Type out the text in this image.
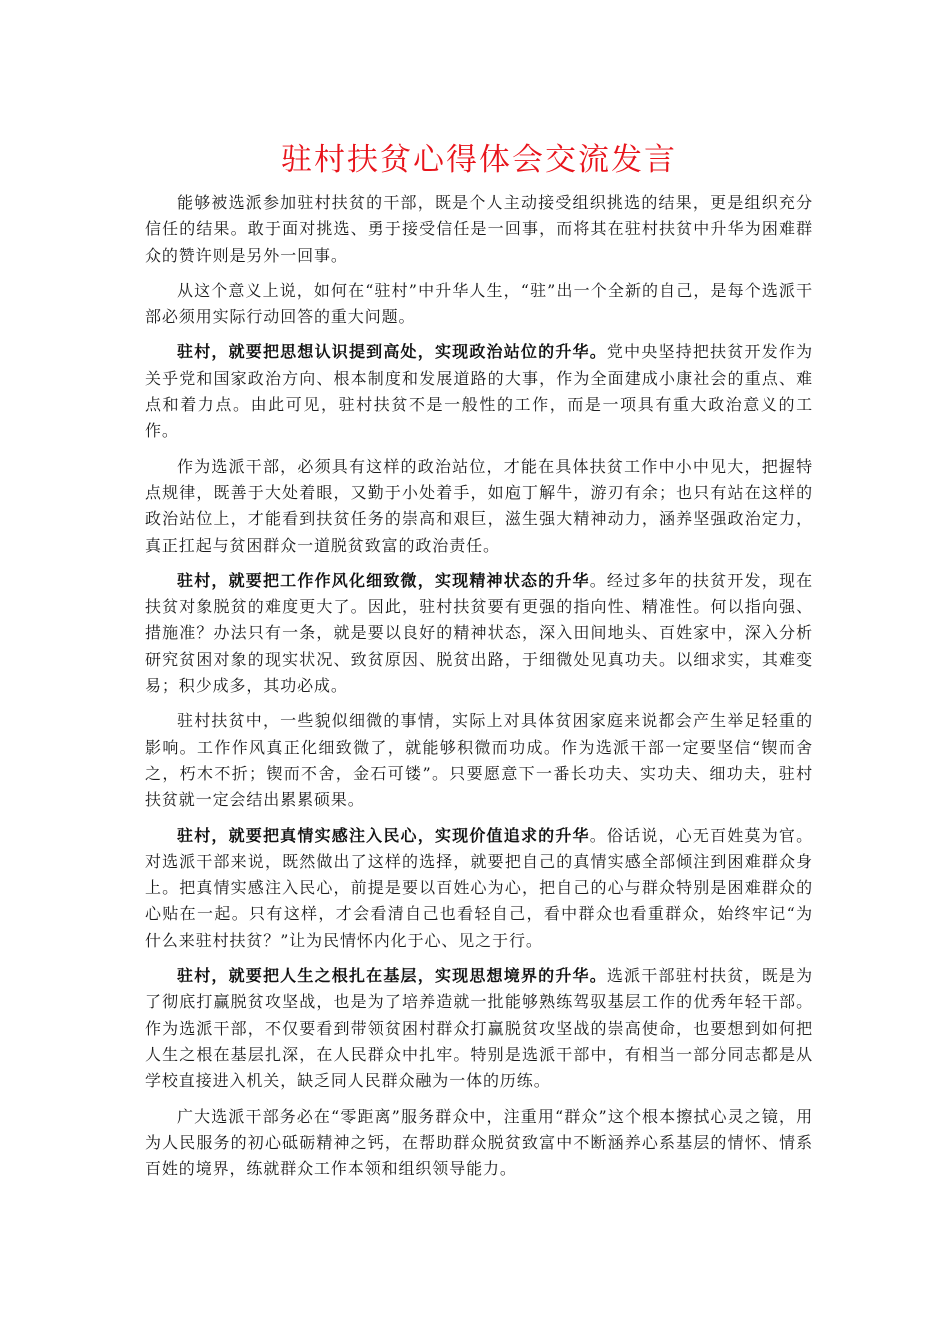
驻村扶贫心得体会交流发言

能够被选派参加驻村扶贫的干部，既是个人主动接受组织挑选的结果，更是组织充分信任的结果。敢于面对挑选、勇于接受信任是一回事，而将其在驻村扶贫中升华为困难群众的赞许则是另外一回事。

从这个意义上说，如何在“驻村”中升华人生，“驻”出一个全新的自己，是每个选派干部必须用实际行动回答的重大问题。

驻村，就要把思想认识提到高处，实现政治站位的升华。党中央坚持把扶贫开发作为关乎党和国家政治方向、根本制度和发展道路的大事，作为全面建成小康社会的重点、难点和着力点。由此可见，驻村扶贫不是一般性的工作，而是一项具有重大政治意义的工作。

作为选派干部，必须具有这样的政治站位，才能在具体扶贫工作中小中见大，把握特点规律，既善于大处着眼，又勤于小处着手，如庖丁解牛，游刃有余；也只有站在这样的政治站位上，才能看到扶贫任务的崇高和艰巨，滋生强大精神动力，涵养坚强政治定力，真正扛起与贫困群众一道脱贫致富的政治责任。

驻村，就要把工作作风化细致微，实现精神状态的升华。经过多年的扶贫开发，现在扶贫对象脱贫的难度更大了。因此，驻村扶贫要有更强的指向性、精准性。何以指向强、措施准？办法只有一条，就是要以良好的精神状态，深入田间地头、百姓家中，深入分析研究贫困对象的现实状况、致贫原因、脱贫出路，于细微处见真功夫。以细求实，其难变易；积少成多，其功必成。

驻村扶贫中，一些貌似细微的事情，实际上对具体贫困家庭来说都会产生举足轻重的影响。工作作风真正化细致微了，就能够积微而功成。作为选派干部一定要坚信“锲而舍之，朽木不折；锲而不舍，金石可镂”。只要愿意下一番长功夫、实功夫、细功夫，驻村扶贫就一定会结出累累硕果。

驻村，就要把真情实感注入民心，实现价值追求的升华。俗话说，心无百姓莫为官。对选派干部来说，既然做出了这样的选择，就要把自己的真情实感全部倾注到困难群众身上。把真情实感注入民心，前提是要以百姓心为心，把自己的心与群众特别是困难群众的心贴在一起。只有这样，才会看清自己也看轻自己，看中群众也看重群众，始终牢记“为什么来驻村扶贫？”让为民情怀内化于心、见之于行。

驻村，就要把人生之根扎在基层，实现思想境界的升华。选派干部驻村扶贫，既是为了彻底打赢脱贫攻坚战，也是为了培养造就一批能够熟练驾驭基层工作的优秀年轻干部。作为选派干部，不仅要看到带领贫困村群众打赢脱贫攻坚战的崇高使命，也要想到如何把人生之根在基层扎深，在人民群众中扎牢。特别是选派干部中，有相当一部分同志都是从学校直接进入机关，缺乏同人民群众融为一体的历练。

广大选派干部务必在“零距离”服务群众中，注重用“群众”这个根本擦拭心灵之镜，用为人民服务的初心砥砺精神之钙，在帮助群众脱贫致富中不断涵养心系基层的情怀、情系百姓的境界，练就群众工作本领和组织领导能力。
